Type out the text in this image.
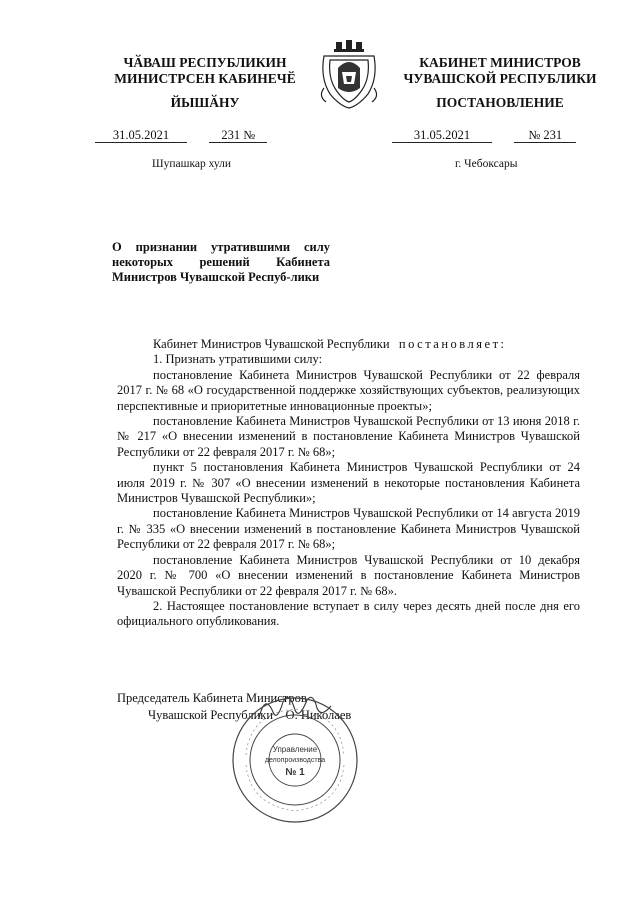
ЧӐВАШ РЕСПУБЛИКИН
МИНИСТРСЕН КАБИНЕЧӖ
ЙЫШӐНУ
КАБИНЕТ МИНИСТРОВ
ЧУВАШСКОЙ РЕСПУБЛИКИ
ПОСТАНОВЛЕНИЕ
31.05.2021	231 №	31.05.2021	№ 231
Шупашкар хули	г. Чебоксары
О признании утратившими силу некоторых решений Кабинета Министров Чувашской Респуб-лики

Кабинет Министров Чувашской Республики постановляет:

1. Признать утратившими силу:

постановление Кабинета Министров Чувашской Республики от 22 февраля 2017 г. № 68 «О государственной поддержке хозяйствующих субъектов, реализующих перспективные и приоритетные инновационные проекты»;

постановление Кабинета Министров Чувашской Республики от 13 июня 2018 г. № 217 «О внесении изменений в постановление Кабинета Министров Чувашской Республики от 22 февраля 2017 г. № 68»;

пункт 5 постановления Кабинета Министров Чувашской Республики от 24 июля 2019 г. № 307 «О внесении изменений в некоторые постановления Кабинета Министров Чувашской Республики»;

постановление Кабинета Министров Чувашской Республики от 14 августа 2019 г. № 335 «О внесении изменений в постановление Кабинета Министров Чувашской Республики от 22 февраля 2017 г. № 68»;

постановление Кабинета Министров Чувашской Республики от 10 декабря 2020 г. № 700 «О внесении изменений в постановление Кабинета Министров Чувашской Республики от 22 февраля 2017 г. № 68».

2. Настоящее постановление вступает в силу через десять дней после дня его официального опубликования.

Председатель Кабинета Министров
Чувашской Республики    О. Николаев
Управление
делопроизводства
№ 1
